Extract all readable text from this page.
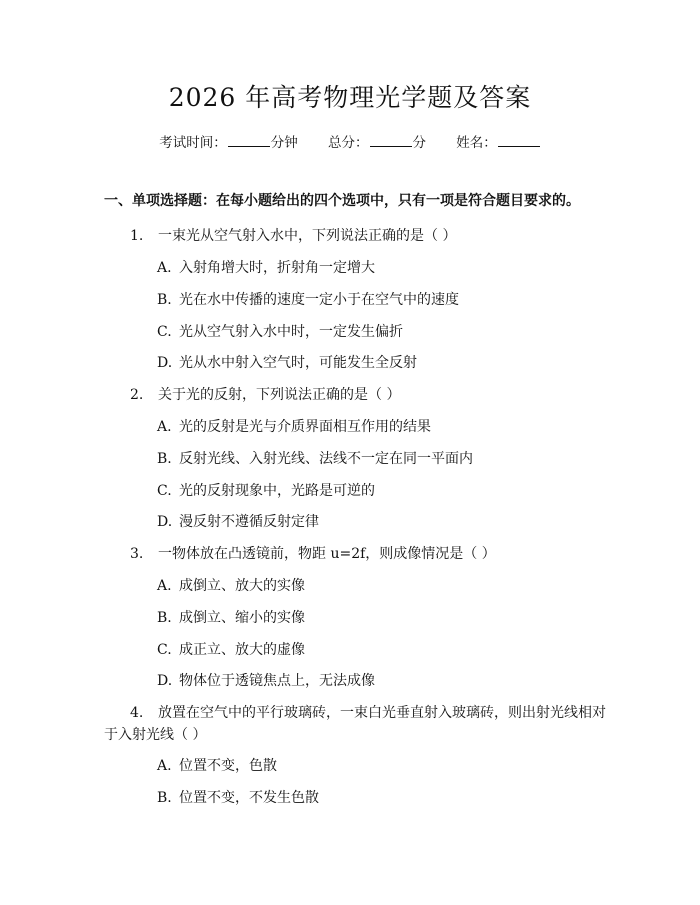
2026 年高考物理光学题及答案
考试时间：	分钟 总分：	分 姓名：
一、单项选择题：在每小题给出的四个选项中，只有一项是符合题目要求的。
1. 一束光从空气射入水中，下列说法正确的是（ ）
A. 入射角增大时，折射角一定增大
B. 光在水中传播的速度一定小于在空气中的速度
C. 光从空气射入水中时，一定发生偏折
D. 光从水中射入空气时，可能发生全反射
2. 关于光的反射，下列说法正确的是（ ）
A. 光的反射是光与介质界面相互作用的结果
B. 反射光线、入射光线、法线不一定在同一平面内
C. 光的反射现象中，光路是可逆的
D. 漫反射不遵循反射定律
3. 一物体放在凸透镜前，物距 u=2f，则成像情况是（ ）
A. 成倒立、放大的实像
B. 成倒立、缩小的实像
C. 成正立、放大的虚像
D. 物体位于透镜焦点上，无法成像
4. 放置在空气中的平行玻璃砖，一束白光垂直射入玻璃砖，则出射光线相对
于入射光线（ ）
A. 位置不变，色散
B. 位置不变，不发生色散
